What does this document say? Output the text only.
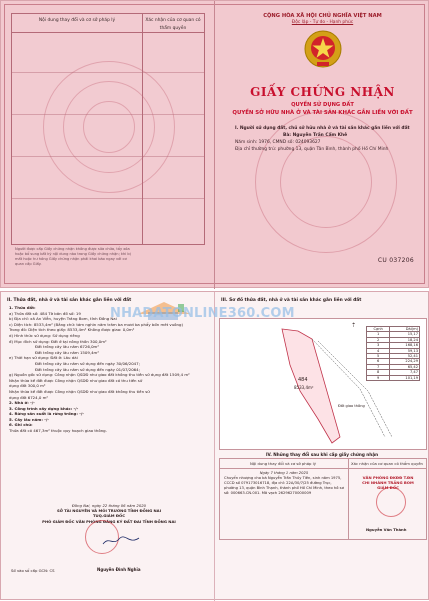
Nội dung thay đổi và cơ sở pháp lý	Xác nhận của cơ quan có thẩm quyền
Người được cấp Giấy chứng nhận không được sửa chữa, tẩy xóa hoặc bổ sung bất kỳ nội dung nào trong Giấy chứng nhận; khi bị mất hoặc hư hỏng Giấy chứng nhận phải khai báo ngay với cơ quan cấp Giấy.
CỘNG HÒA XÃ HỘI CHỦ NGHĨA VIỆT NAM
Độc lập - Tự do - Hạnh phúc
GIẤY CHỨNG NHẬN
QUYỀN SỬ DỤNG ĐẤT
QUYỀN SỞ HỮU NHÀ Ở VÀ TÀI SẢN KHÁC GẮN LIỀN VỚI ĐẤT
I. Người sử dụng đất, chủ sở hữu nhà ở và tài sản khác gắn liền với đất
Bà: Nguyễn Trần Cẩm Khê
Năm sinh: 1976, CMND số: 024093627
Địa chỉ thường trú: phường 13, quận Tân Bình, thành phố Hồ Chí Minh
CU 037206
II. Thửa đất, nhà ở và tài sản khác gắn liền với đất
1. Thửa đất:
a) Thửa đất số: 484 Tờ bản đồ số: 19
b) Địa chỉ: xã An Viễn, huyện Trảng Bom, tỉnh Đồng Nai
c) Diện tích: 8533,4m² (Bằng chữ: tám nghìn năm trăm ba mươi ba phẩy bốn mét vuông)
Trong đó: Diện tích theo giấy: 8533,4m² Không được giao: 0,0m²
d) Hình thức sử dụng: Sử dụng riêng
đ) Mục đích sử dụng: Đất ở tại nông thôn 300,0m²
Đất trồng cây lâu năm 6726,0m²
Đất trồng cây lâu năm 1509,4m²
e) Thời hạn sử dụng: Đất ở: Lâu dài
Đất trồng cây lâu năm sử dụng đến ngày 30/06/2047;
Đất trồng cây lâu năm sử dụng đến ngày 01/07/2064;
g) Nguồn gốc sử dụng: Công nhận QSDĐ như giao đất không thu tiền sử dụng đất 1509,4 m²
Nhận thừa kế đất được Công nhận QSDĐ như giao đất có thu tiền sử
dụng đất 300,0 m²
Nhận thừa kế đất được Công nhận QSDĐ như giao đất không thu tiền sử
dụng đất 6724,0 m²
2. Nhà ở: -/-
3. Công trình xây dựng khác: -/-
4. Rừng sản xuất là rừng trồng: -/-
5. Cây lâu năm: -/-
6. Ghi chú:
Thửa đất có 467,3m² thuộc quy hoạch giao thông.
Đồng Nai, ngày 22 tháng 06 năm 2020
SỞ TÀI NGUYÊN VÀ MÔI TRƯỜNG TỈNH ĐỒNG NAI
TUQ.GIÁM ĐỐC
PHÓ GIÁM ĐỐC VĂN PHÒNG ĐĂNG KÝ ĐẤT ĐAI TỈNH ĐỒNG NAI
Nguyễn Đình Nghĩa
Số vào sổ cấp GCN: CS
III. Sơ đồ thửa đất, nhà ở và tài sản khác gắn liền với đất
484
8533,4m²
Đất giao thông
⇡	Cạnh	Dài(m)
1	15,17
2	18,24
3	168,16
4	59,13
5	52,41
6	224,29
7	65,42
8	7,47
9	101,19
IV. Những thay đổi sau khi cấp giấy chứng nhận
Nội dung thay đổi và cơ sở pháp lý	Xác nhận của cơ quan có thẩm quyền
Ngày 7 tháng 1 năm 2025
Chuyển nhượng cho bà Nguyễn Trần Thủy Tiên, sinh năm 1975, CCCD số 079173016718, địa chỉ: 22A/30/7/25 đường Trục, phường 13, quận Bình Thạnh, thành phố Hồ Chí Minh, theo hồ sơ số: 000663.CN.001. Mã vạch 26296270000009
VĂN PHÒNG ĐKĐĐ T.ĐN
CHI NHÁNH TRẢNG BOM
GIÁM ĐỐC
Nguyễn Văn Thành
NHADATONLINE360.COM
